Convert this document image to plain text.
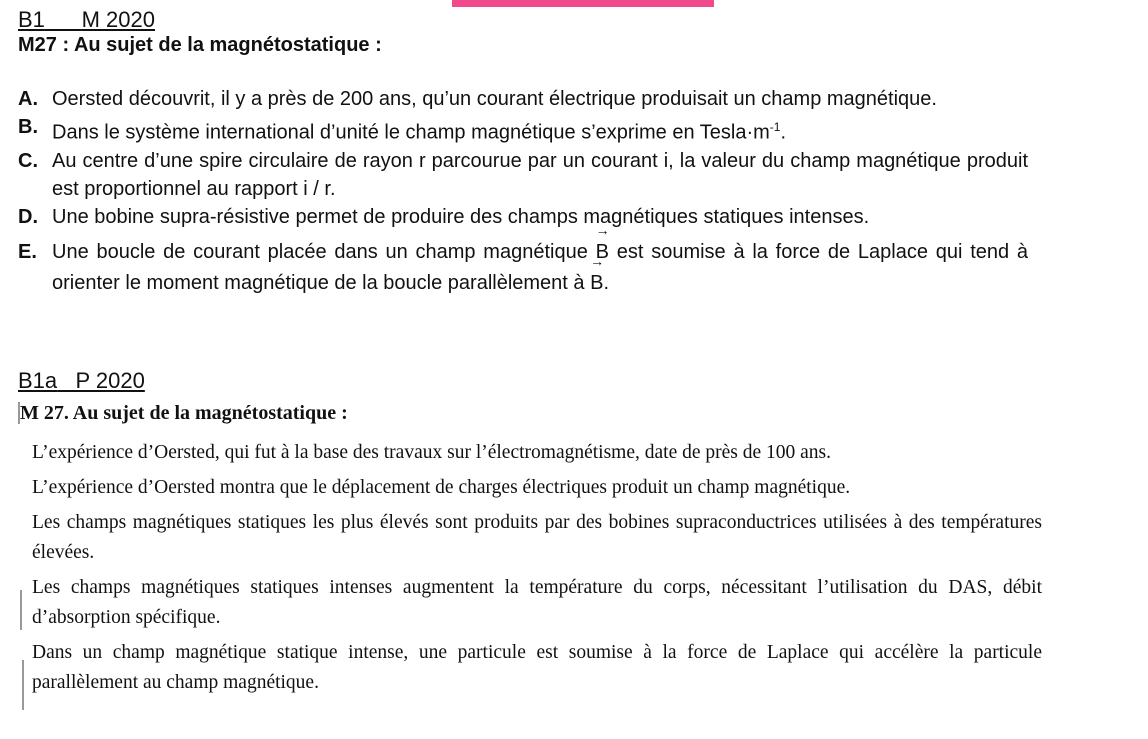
B1 M 2020
M27 : Au sujet de la magnétostatique :
A. Oersted découvrit, il y a près de 200 ans, qu’un courant électrique produisait un champ magnétique.
B. Dans le système international d’unité le champ magnétique s’exprime en $Tesla\cdot m^{-1}$.
C. Au centre d’une spire circulaire de rayon r parcourue par un courant i, la valeur du champ magnétique produit est proportionnel au rapport i / r.
D. Une bobine supra-résistive permet de produire des champs magnétiques statiques intenses.
E. Une boucle de courant placée dans un champ magnétique → B est soumise à la force de Laplace qui tend à orienter le moment magnétique de la boucle parallèlement à → B.
B1a P 2020
M 27. Au sujet de la magnétostatique :
L’expérience d’Oersted, qui fut à la base des travaux sur l’électromagnétisme, date de près de 100 ans.
L’expérience d’Oersted montra que le déplacement de charges électriques produit un champ magnétique.
Les champs magnétiques statiques les plus élevés sont produits par des bobines supraconductrices utilisées à des températures élevées.
Les champs magnétiques statiques intenses augmentent la température du corps, nécessitant l’utilisation du DAS, débit d’absorption spécifique.
Dans un champ magnétique statique intense, une particule est soumise à la force de Laplace qui accélère la particule parallèlement au champ magnétique.
